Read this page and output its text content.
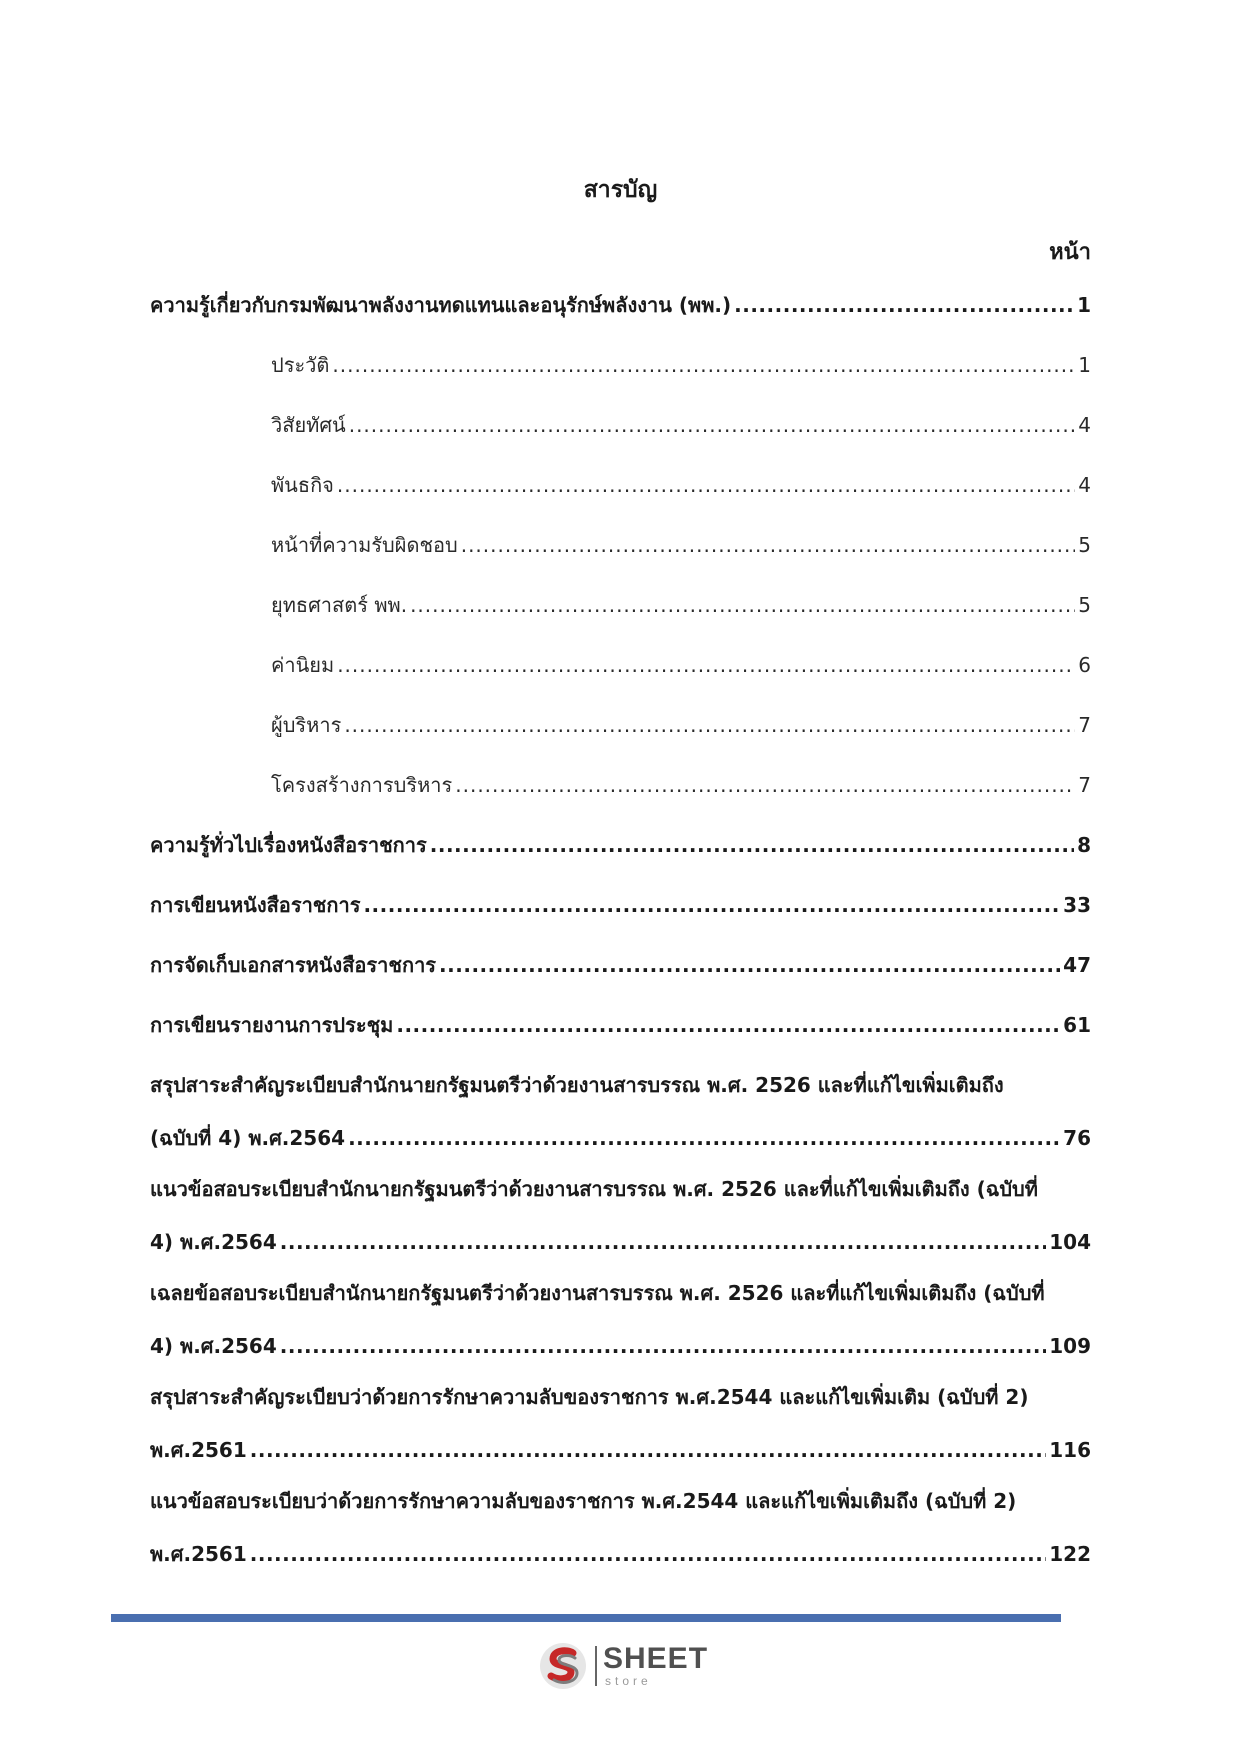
สารบัญ
หน้า
ความรู้เกี่ยวกับกรมพัฒนาพลังงานทดแทนและอนุรักษ์พลังงาน (พพ.) .....	1
ประวัติ .....	1
วิสัยทัศน์ .....	4
พันธกิจ .....	4
หน้าที่ความรับผิดชอบ .....	5
ยุทธศาสตร์ พพ. .....	5
ค่านิยม .....	6
ผู้บริหาร .....	7
โครงสร้างการบริหาร .....	7
ความรู้ทั่วไปเรื่องหนังสือราชการ .....	8
การเขียนหนังสือราชการ .....	33
การจัดเก็บเอกสารหนังสือราชการ .....	47
การเขียนรายงานการประชุม .....	61
สรุปสาระสำคัญระเบียบสำนักนายกรัฐมนตรีว่าด้วยงานสารบรรณ พ.ศ. 2526 และที่แก้ไขเพิ่มเติมถึง
(ฉบับที่ 4) พ.ศ.2564 .....	76
แนวข้อสอบระเบียบสำนักนายกรัฐมนตรีว่าด้วยงานสารบรรณ พ.ศ. 2526 และที่แก้ไขเพิ่มเติมถึง (ฉบับที่
4) พ.ศ.2564 .....	104
เฉลยข้อสอบระเบียบสำนักนายกรัฐมนตรีว่าด้วยงานสารบรรณ พ.ศ. 2526 และที่แก้ไขเพิ่มเติมถึง (ฉบับที่
4) พ.ศ.2564 .....	109
สรุปสาระสำคัญระเบียบว่าด้วยการรักษาความลับของราชการ พ.ศ.2544 และแก้ไขเพิ่มเติม (ฉบับที่ 2)
พ.ศ.2561 .....	116
แนวข้อสอบระเบียบว่าด้วยการรักษาความลับของราชการ พ.ศ.2544 และแก้ไขเพิ่มเติมถึง (ฉบับที่ 2)
พ.ศ.2561 .....	122
SHEET
store
